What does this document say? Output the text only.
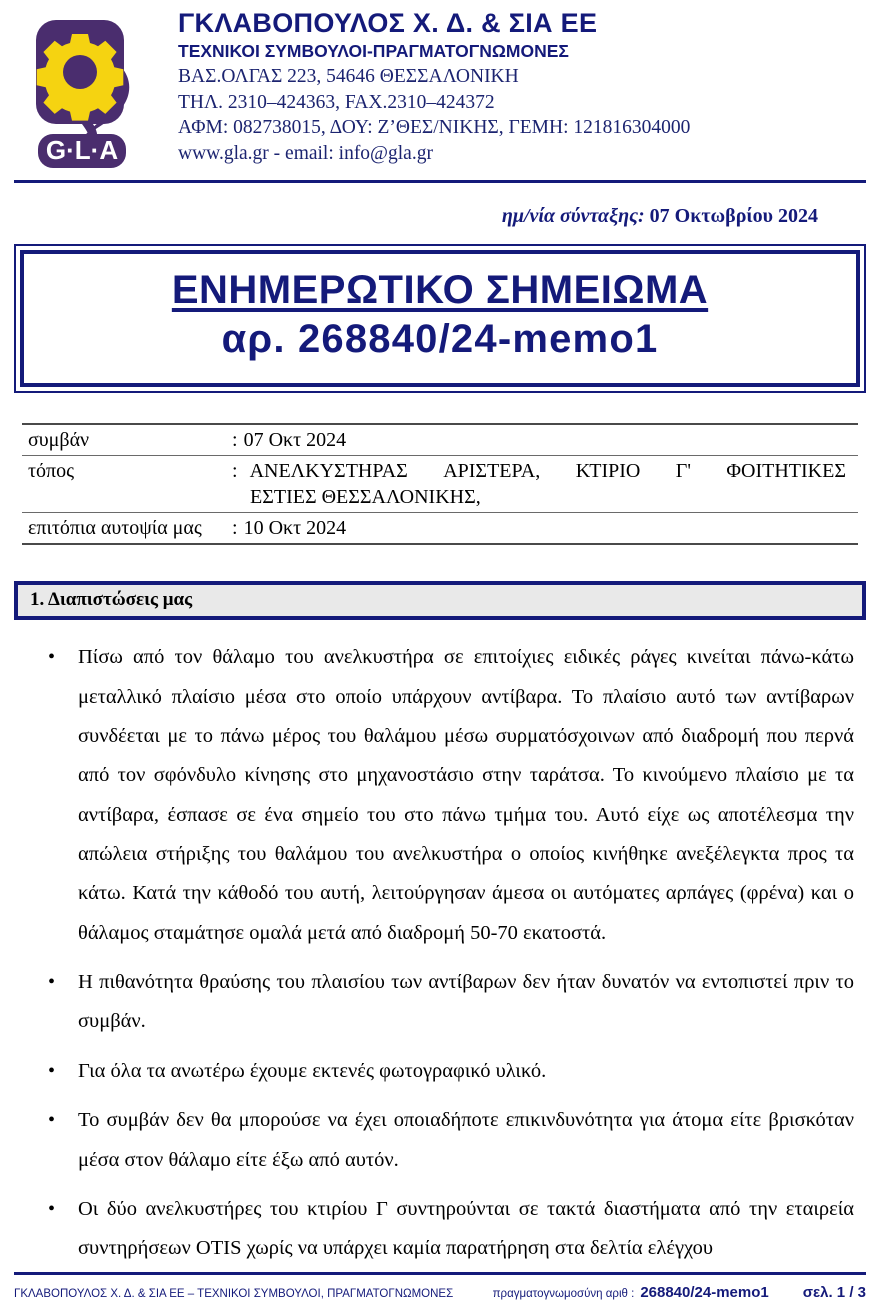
G·L·A
ΓΚΛΑΒΟΠΟΥΛΟΣ Χ. Δ. & ΣΙΑ ΕΕ
ΤΕΧΝΙΚΟΙ ΣΥΜΒΟΥΛΟΙ-ΠΡΑΓΜΑΤΟΓΝΩΜΟΝΕΣ
ΒΑΣ.ΟΛΓΑΣ 223, 54646 ΘΕΣΣΑΛΟΝΙΚΗ
ΤΗΛ. 2310–424363, FAX.2310–424372
ΑΦΜ: 082738015, ΔΟΥ: Ζ’ΘΕΣ/ΝΙΚΗΣ, ΓΕΜΗ: 121816304000
www.gla.gr - email: info@gla.gr
ημ/νία σύνταξης: 07 Οκτωβρίου 2024
ΕΝΗΜΕΡΩΤΙΚΟ ΣΗΜΕΙΩΜΑ
αρ. 268840/24-memo1
συμβάν	: 07 Οκτ 2024
τόπος	: ΑΝΕΛΚΥΣΤΗΡΑΣ ΑΡΙΣΤΕΡΑ, ΚΤΙΡΙΟ Γ' ΦΟΙΤΗΤΙΚΕΣ
ΕΣΤΙΕΣ ΘΕΣΣΑΛΟΝΙΚΗΣ,
επιτόπια αυτοψία μας	: 10 Οκτ 2024
1. Διαπιστώσεις μας
• Πίσω από τον θάλαμο του ανελκυστήρα σε επιτοίχιες ειδικές ράγες κινείται πάνω-κάτω μεταλλικό πλαίσιο μέσα στο οποίο υπάρχουν αντίβαρα. Το πλαίσιο αυτό των αντίβαρων συνδέεται με το πάνω μέρος του θαλάμου μέσω συρματόσχοινων από διαδρομή που περνά από τον σφόνδυλο κίνησης στο μηχανοστάσιο στην ταράτσα. Το κινούμενο πλαίσιο με τα αντίβαρα, έσπασε σε ένα σημείο του στο πάνω τμήμα του. Αυτό είχε ως αποτέλεσμα την απώλεια στήριξης του θαλάμου του ανελκυστήρα ο οποίος κινήθηκε ανεξέλεγκτα προς τα κάτω. Κατά την κάθοδό του αυτή, λειτούργησαν άμεσα οι αυτόματες αρπάγες (φρένα) και ο θάλαμος σταμάτησε ομαλά μετά από διαδρομή 50-70 εκατοστά.
• Η πιθανότητα θραύσης του πλαισίου των αντίβαρων δεν ήταν δυνατόν να εντοπιστεί πριν το συμβάν.
• Για όλα τα ανωτέρω έχουμε εκτενές φωτογραφικό υλικό.
• Το συμβάν δεν θα μπορούσε να έχει οποιαδήποτε επικινδυνότητα για άτομα είτε βρισκόταν μέσα στον θάλαμο είτε έξω από αυτόν.
• Οι δύο ανελκυστήρες του κτιρίου Γ συντηρούνται σε τακτά διαστήματα από την εταιρεία συντηρήσεων OTIS χωρίς να υπάρχει καμία παρατήρηση στα δελτία ελέγχου
ΓΚΛΑΒΟΠΟΥΛΟΣ Χ. Δ. & ΣΙΑ ΕΕ – ΤΕΧΝΙΚΟΙ ΣΥΜΒΟΥΛΟΙ, ΠΡΑΓΜΑΤΟΓΝΩΜΟΝΕΣ	πραγματογνωμοσύνη αριθ : 268840/24-memo1 σελ. 1 / 3
